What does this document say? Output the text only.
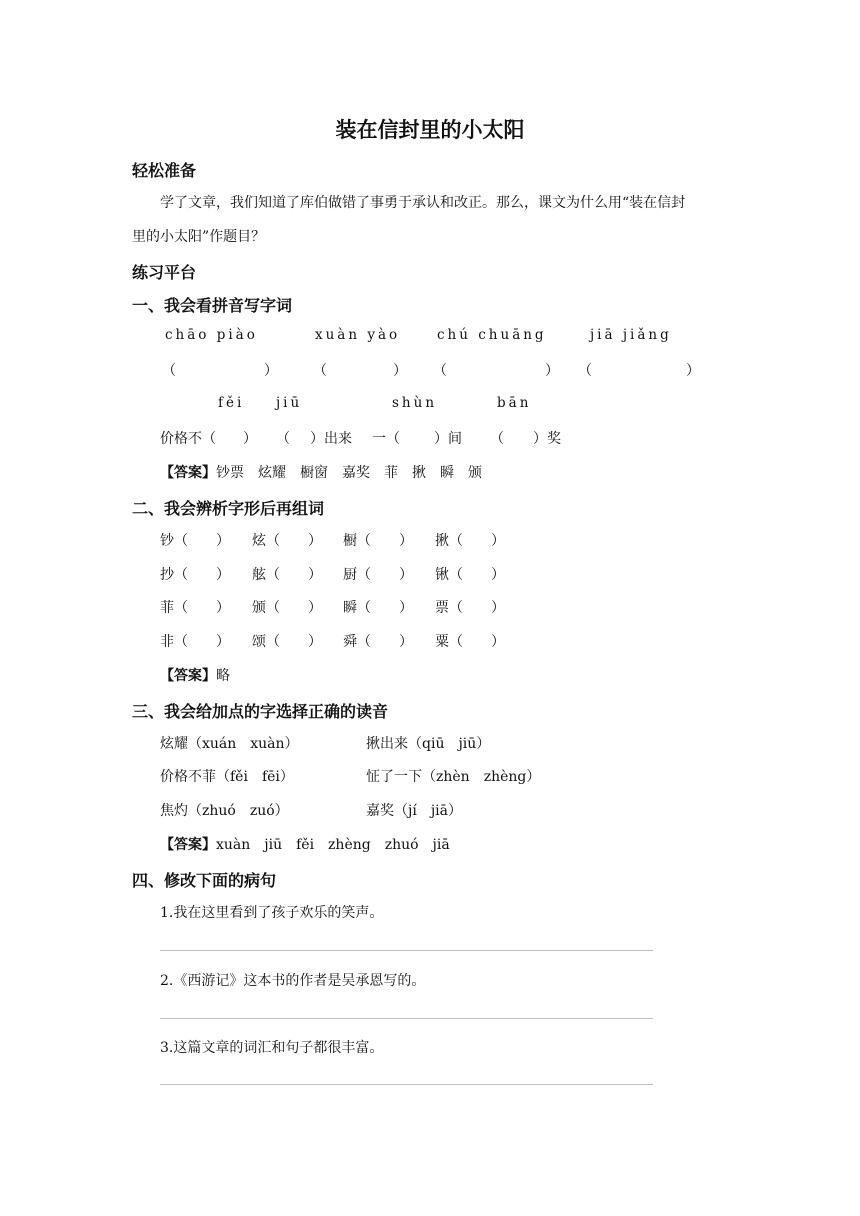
装在信封里的小太阳
轻松准备
学了文章，我们知道了库伯做错了事勇于承认和改正。那么，课文为什么用“装在信封
里的小太阳”作题目？
练习平台
一、我会看拼音写字词
chāo piào	xuàn yào	chú chuāng	jiā jiǎng
（	）	（	） （	） （	）
fěi jiū	shùn	bān
价格不（ ） （ ）出来 一（ ）间 （ ）奖
【答案】钞票　炫耀　橱窗　嘉奖　菲　揪　瞬　颁
二、我会辨析字形后再组词
钞（　　） 炫（　　） 橱（　　） 揪（　　）
抄（　　） 舷（　　） 厨（　　） 锹（　　）
菲（　　） 颁（　　） 瞬（　　） 票（　　）
非（　　） 颂（　　） 舜（　　） 粟（　　）
【答案】略
三、我会给加点的字选择正确的读音
炫耀（xuán　xuàn）	揪出来（qiū　jiū）
价格不菲（fěi　fēi）	怔了一下（zhèn　zhèng）
焦灼（zhuó　zuó）	嘉奖（jí　jiā）
【答案】xuàn　jiū　fěi　zhèng　zhuó　jiā
四、修改下面的病句
1.我在这里看到了孩子欢乐的笑声。
2.《西游记》这本书的作者是吴承恩写的。
3.这篇文章的词汇和句子都很丰富。
